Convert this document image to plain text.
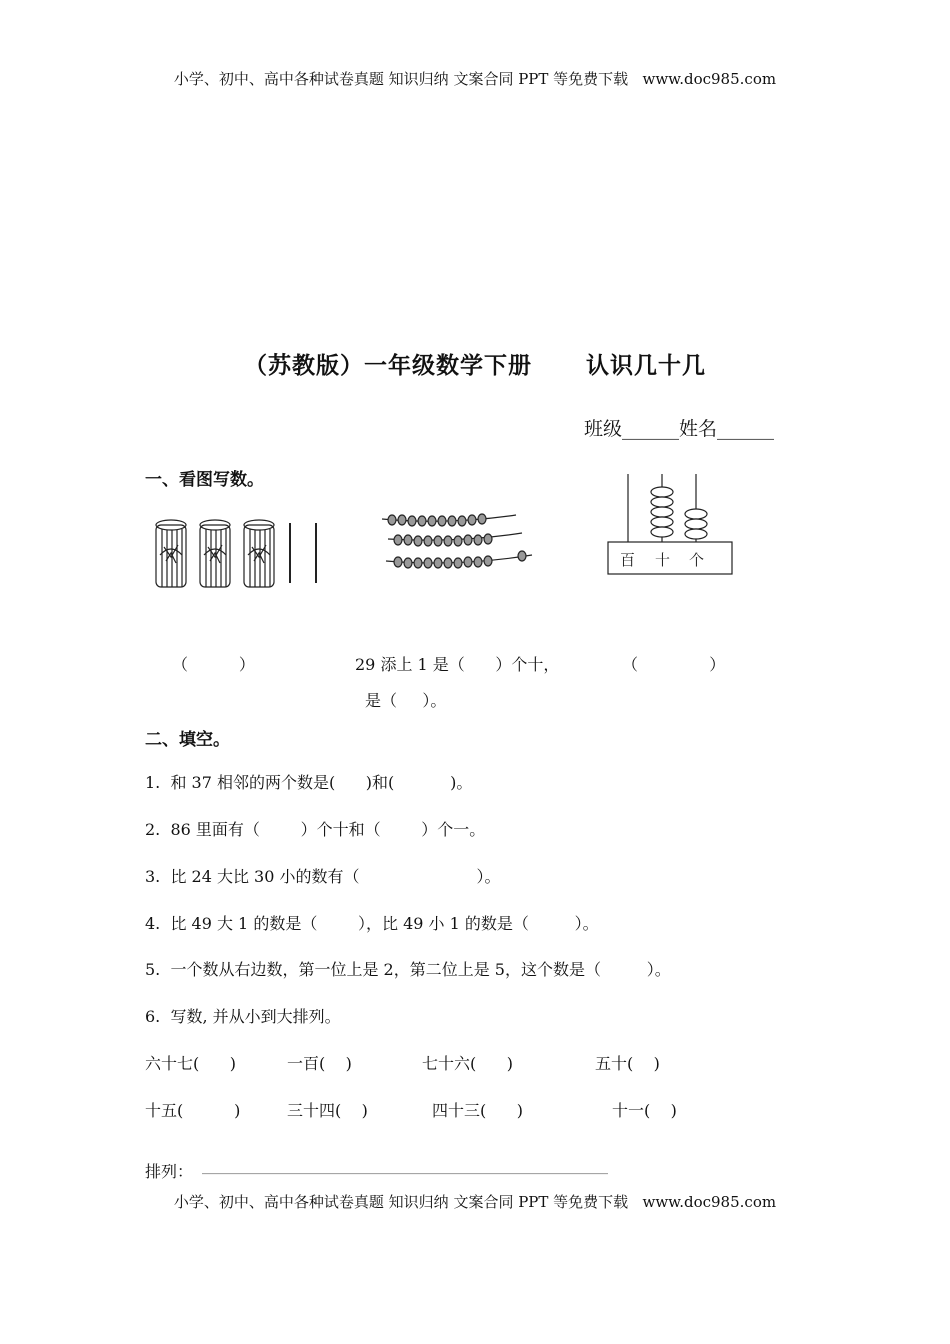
小学、初中、高中各种试卷真题 知识归纳 文案合同 PPT 等免费下载   www.doc985.com
（苏教版）一年级数学下册      认识几十几
班级______姓名______
一、看图写数。
百 十 个
（          ）	29 添上 1 是（      ）个十，	（              ）
是（     ）。
二、填空。
1.  和 37 相邻的两个数是(      )和(           )。
2.  86 里面有（        ）个十和（        ）个一。
3.  比 24 大比 30 小的数有（                       ）。
4.  比 49 大 1 的数是（        ），比 49 小 1 的数是（         ）。
5.  一个数从右边数，第一位上是 2，第二位上是 5，这个数是（         ）。
6.  写数, 并从小到大排列。
六十七(      )	一百(    )	七十六(      )	五十(    )
十五(          )	三十四(    )	四十三(      )	十一(    )
排列： __________________________________________________________
小学、初中、高中各种试卷真题 知识归纳 文案合同 PPT 等免费下载   www.doc985.com
